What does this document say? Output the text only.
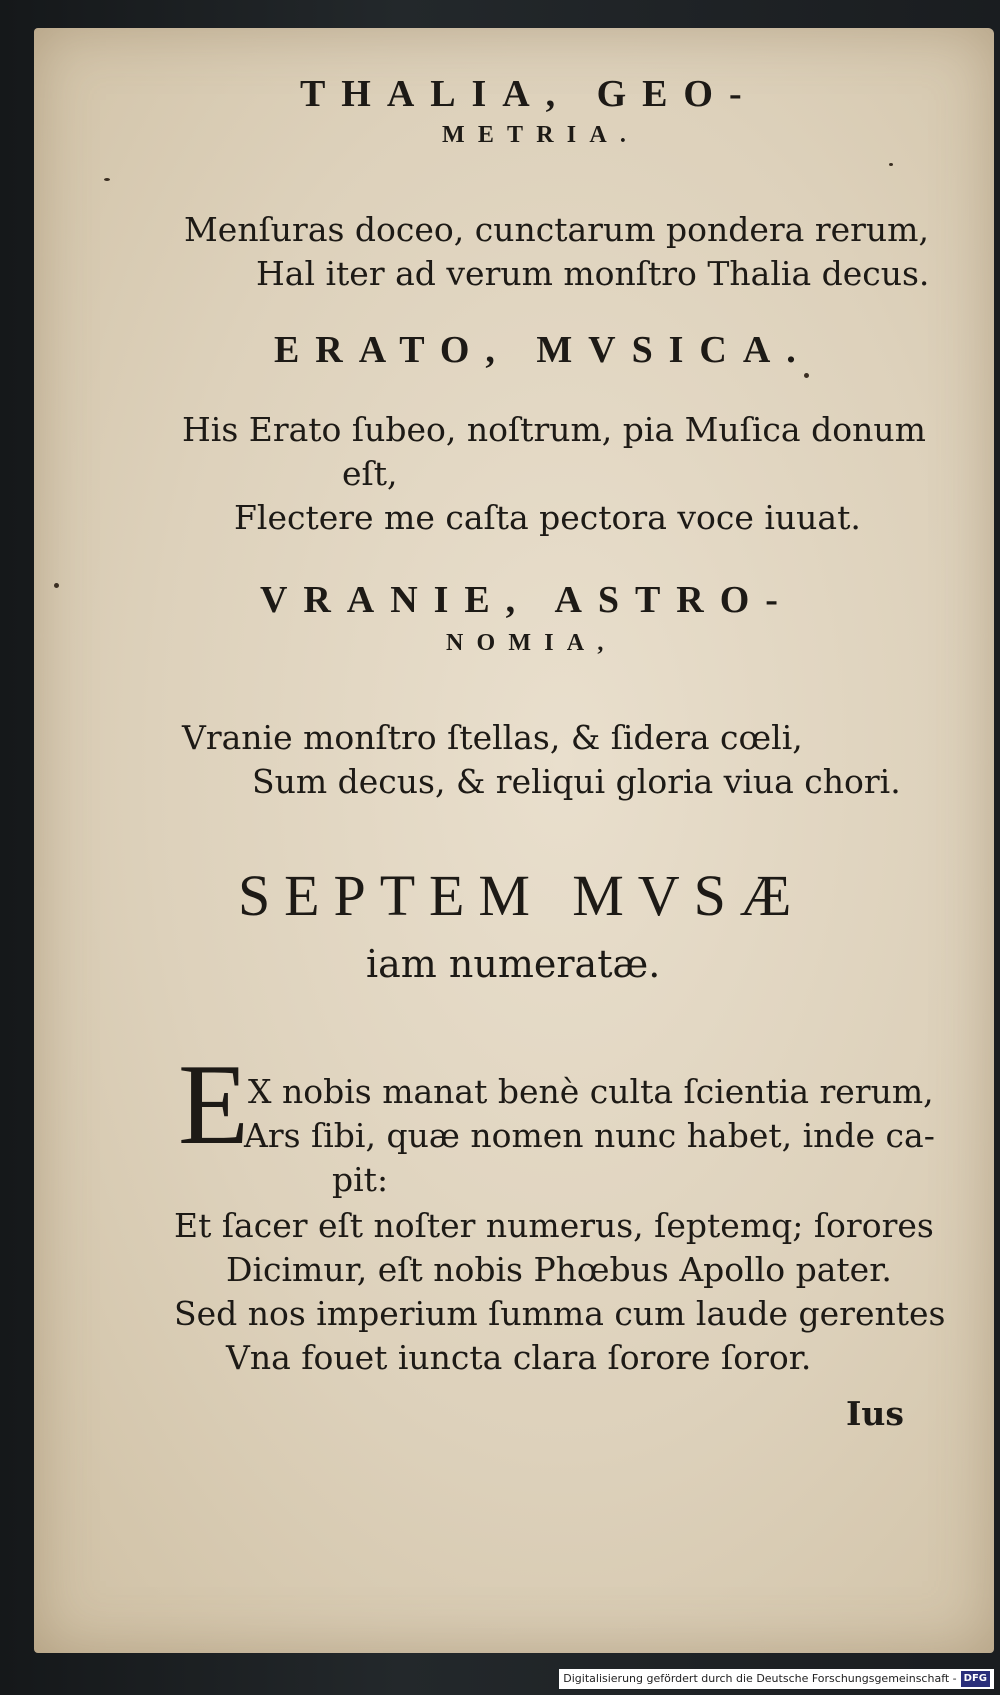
THALIA, GEO-
METRIA.
Menſuras doceo, cunctarum pondera rerum,
Hal iter ad verum monſtro Thalia decus.
ERATO, MVSICA.
His Erato ſubeo, noſtrum, pia Muſica donum
eſt,
Flectere me caſta pectora voce iuuat.
VRANIE, ASTRO-
NOMIA,
Vranie monſtro ſtellas, & ſidera cœli,
Sum decus, & reliqui gloria viua chori.
SEPTEM MVSÆ
iam numeratæ.
E X nobis manat benè culta ſcientia rerum,
Ars ſibi, quæ nomen nunc habet, inde ca-
pit:
Et ſacer eſt noſter numerus, ſeptemq; ſorores
Dicimur, eſt nobis Phœbus Apollo pater.
Sed nos imperium ſumma cum laude gerentes
Vna fouet iuncta clara ſorore ſoror.
Ius
Digitalisierung gefördert durch die Deutsche Forschungsgemeinschaft - DFG
